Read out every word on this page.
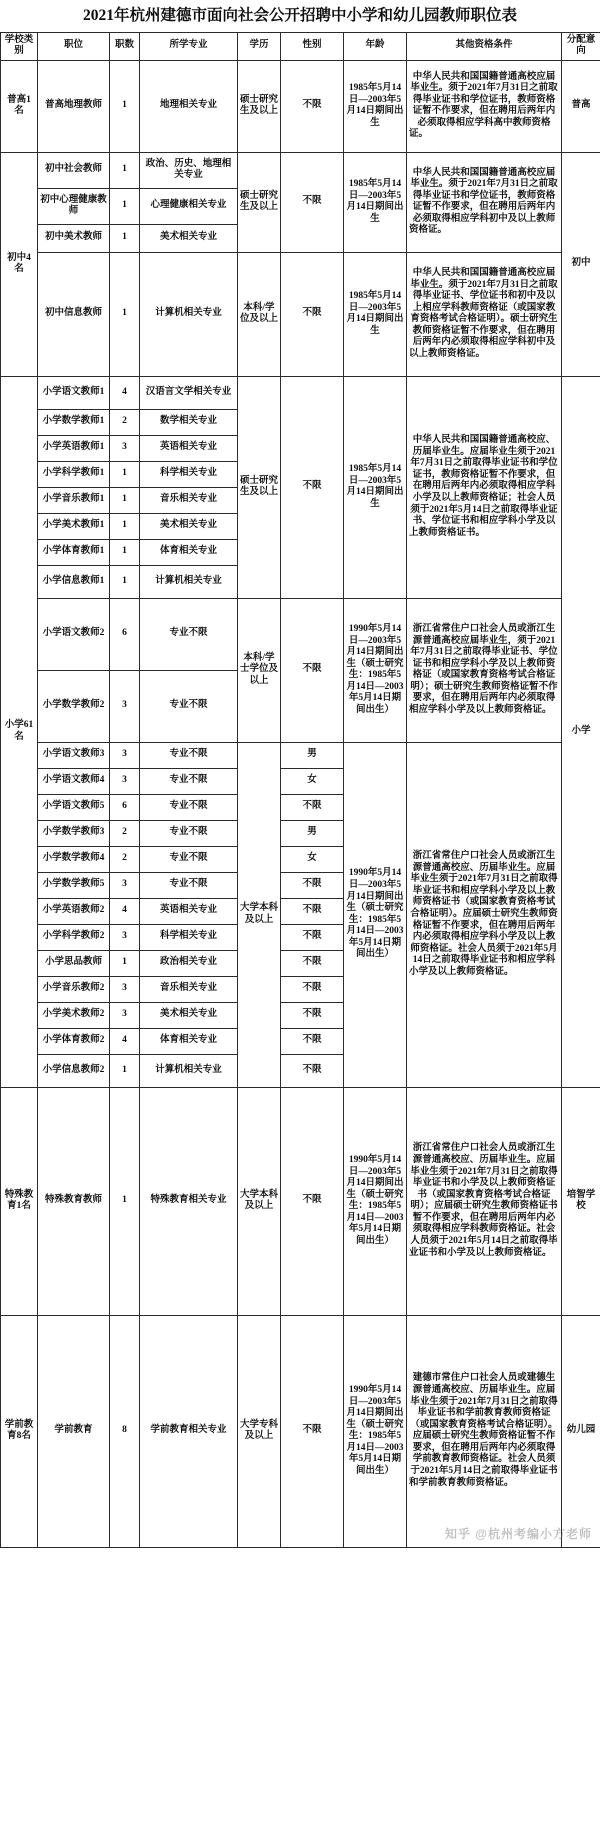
2021年杭州建德市面向社会公开招聘中小学和幼儿园教师职位表
学校类别	职位	职数	所学专业	学历	性别	年龄	其他资格条件	分配意向
普高1名	普高地理教师	1	地理相关专业	硕士研究生及以上	不限	1985年5月14日—2003年5月14日期间出生	中华人民共和国国籍普通高校应届毕业生。须于2021年7月31日之前取得毕业证书和学位证书，教师资格证暂不作要求，但在聘用后两年内必须取得相应学科高中教师资格证。	普高
初中4名	初中社会教师	1	政治、历史、地理相关专业	硕士研究生及以上	不限	1985年5月14日—2003年5月14日期间出生	中华人民共和国国籍普通高校应届毕业生。须于2021年7月31日之前取得毕业证书和学位证书，教师资格证暂不作要求，但在聘用后两年内必须取得相应学科初中及以上教师资格证。	初中
	初中心理健康教师	1	心理健康相关专业					
	初中美术教师	1	美术相关专业					
	初中信息教师	1	计算机相关专业	本科/学位及以上	不限	1985年5月14日—2003年5月14日期间出生	中华人民共和国国籍普通高校应届毕业生。须于2021年7月31日之前取得毕业证书、学位证书和初中及以上相应学科教师资格证（或国家教育资格考试合格证明）。硕士研究生教师资格证暂不作要求，但在聘用后两年内必须取得相应学科初中及以上教师资格证。	
小学61名	小学语文教师1	4	汉语言文学相关专业	硕士研究生及以上	不限	1985年5月14日—2003年5月14日期间出生	中华人民共和国国籍普通高校应、历届毕业生。应届毕业生须于2021年7月31日之前取得毕业证书和学位证书，教师资格证暂不作要求，但在聘用后两年内必须取得相应学科小学及以上教师资格证；社会人员须于2021年5月14日之前取得毕业证书、学位证书和相应学科小学及以上教师资格证书。	小学
	小学数学教师1	2	数学相关专业					
	小学英语教师1	3	英语相关专业					
	小学科学教师1	1	科学相关专业					
	小学音乐教师1	1	音乐相关专业					
	小学美术教师1	1	美术相关专业					
	小学体育教师1	1	体育相关专业					
	小学信息教师1	1	计算机相关专业					
	小学语文教师2	6	专业不限	本科/学士学位及以上	不限	1990年5月14日—2003年5月14日期间出生（硕士研究生：1985年5月14日—2003年5月14日期间出生）	浙江省常住户口社会人员或浙江生源普通高校应届毕业生，须于2021年7月31日之前取得毕业证书、学位证书和相应学科小学及以上教师资格证（或国家教育资格考试合格证明）；硕士研究生教师资格证暂不作要求，但在聘用后两年内必须取得相应学科小学及以上教师资格证。	
	小学数学教师2	3	专业不限					
	小学语文教师3	3	专业不限	大学本科及以上	男	1990年5月14日—2003年5月14日期间出生（硕士研究生：1985年5月14日—2003年5月14日期间出生）	浙江省常住户口社会人员或浙江生源普通高校应、历届毕业生。应届毕业生须于2021年7月31日之前取得毕业证书和相应学科小学及以上教师资格证书（或国家教育资格考试合格证明）。应届硕士研究生教师资格证暂不作要求，但在聘用后两年内必须取得相应学科小学及以上教师资格证。社会人员须于2021年5月14日之前取得毕业证书和相应学科小学及以上教师资格证。	
	小学语文教师4	3	专业不限		女			
	小学语文教师5	6	专业不限		不限			
	小学数学教师3	2	专业不限		男			
	小学数学教师4	2	专业不限		女			
	小学数学教师5	3	专业不限		不限			
	小学英语教师2	4	英语相关专业		不限			
	小学科学教师2	3	科学相关专业		不限			
	小学思品教师	1	政治相关专业		不限			
	小学音乐教师2	3	音乐相关专业		不限			
	小学美术教师2	3	美术相关专业		不限			
	小学体育教师2	4	体育相关专业		不限			
	小学信息教师2	1	计算机相关专业		不限			
特殊教育1名	特殊教育教师	1	特殊教育相关专业	大学本科及以上	不限	1990年5月14日—2003年5月14日期间出生（硕士研究生：1985年5月14日—2003年5月14日期间出生）	浙江省常住户口社会人员或浙江生源普通高校应、历届毕业生。应届毕业生须于2021年7月31日之前取得毕业证书和小学及以上教师资格证书（或国家教育资格考试合格证明）；应届硕士研究生教师资格证书暂不作要求，但在聘用后两年内必须取得相应学科教师资格证。社会人员须于2021年5月14日之前取得毕业证书和小学及以上教师资格证。	培智学校
学前教育8名	学前教育	8	学前教育相关专业	大学专科及以上	不限	1990年5月14日—2003年5月14日期间出生（硕士研究生：1985年5月14日—2003年5月14日期间出生）	建德市常住户口社会人员或建德生源普通高校应、历届毕业生。应届毕业生须于2021年7月31日之前取得毕业证书和学前教育教师资格证（或国家教育资格考试合格证明）。应届硕士研究生教师资格证暂不作要求，但在聘用后两年内必须取得学前教育教师资格证。社会人员须于2021年5月14日之前取得毕业证书和学前教育教师资格证。	幼儿园
知乎 @杭州考编小方老师
